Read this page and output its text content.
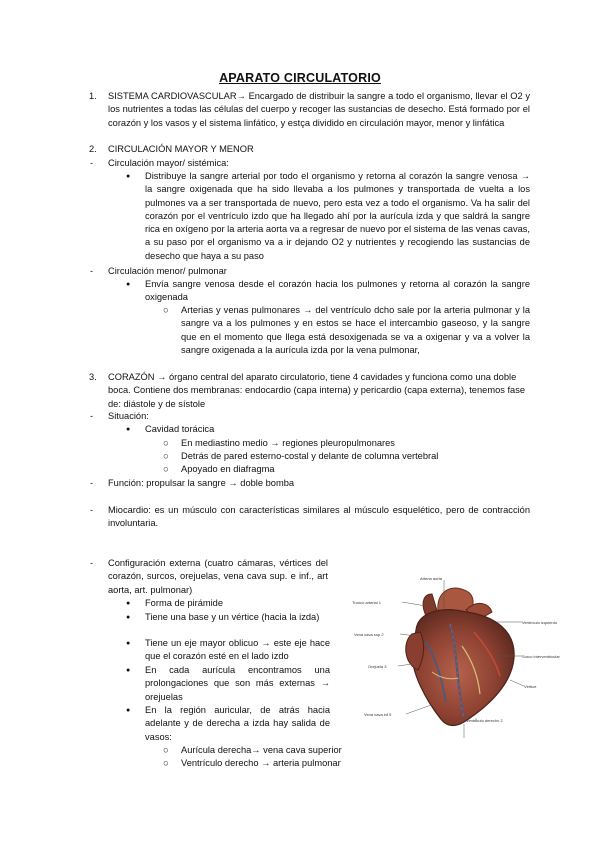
APARATO CIRCULATORIO
1. SISTEMA CARDIOVASCULAR→ Encargado de distribuir la sangre a todo el organismo, llevar el O2 y los nutrientes a todas las células del cuerpo y recoger las sustancias de desecho. Está formado por el corazón y los vasos y el sistema linfático, y estça dividido en circulación mayor, menor y linfática
2. CIRCULACIÓN MAYOR Y MENOR
- Circulación mayor/ sistémica:
● Distribuye la sangre arterial por todo el organismo y retorna al corazón la sangre venosa → la sangre oxigenada que ha sido llevaba a los pulmones y transportada de vuelta a los pulmones va a ser transportada de nuevo, pero esta vez a todo el organismo. Va ha salir del corazón por el ventrículo izdo que ha llegado ahí por la aurícula izda y que saldrá la sangre rica en oxígeno por la arteria aorta va a regresar de nuevo por el sistema de las venas cavas, a su paso por el organismo va a ir dejando O2 y nutrientes y recogiendo las sustancias de desecho que haya a su paso
- Circulación menor/ pulmonar
● Envía sangre venosa desde el corazón hacia los pulmones y retorna al corazón la sangre oxigenada
○ Arterias y venas pulmonares → del ventrículo dcho sale por la arteria pulmonar y la sangre va a los pulmones y en estos se hace el intercambio gaseoso, y la sangre que en el momento que llega está desoxigenada se va a oxigenar y va a volver la sangre oxigenada a la aurícula izda por la vena pulmonar,
3. CORAZÓN → órgano central del aparato circulatorio, tiene 4 cavidades y funciona como una doble boca. Contiene dos membranas: endocardio (capa interna) y pericardio (capa externa), tenemos fase de: diástole y de sístole
- Situación:
● Cavidad torácica
○ En mediastino medio → regiones pleuropulmonares
○ Detrás de pared esterno-costal y delante de columna vertebral
○ Apoyado en diafragma
- Función: propulsar la sangre → doble bomba
- Miocardio: es un músculo con características similares al músculo esquelético, pero de contracción involuntaria.
- Configuración externa (cuatro cámaras, vértices del corazón, surcos, orejuelas, vena cava sup. e inf., art aorta, art. pulmonar)
● Forma de pirámide
● Tiene una base y un vértice (hacia la izda)
● Tiene un eje mayor oblicuo → este eje hace que el corazón esté en el lado izdo
● En cada aurícula encontramos una prolongaciones que son más externas → orejuelas
● En la región auricular, de atrás hacia adelante y de derecha a izda hay salida de vasos:
○ Aurícula derecha→ vena cava superior
○ Ventrículo derecho → arteria pulmonar
Arteria aorta
Tronco arterial 1
Vena cava sup 2
Orejuela 3
Ventrículo izquierdo
Surco interventricular
Vértice
Vena cava inf 5
Ventrículo derecho 2
